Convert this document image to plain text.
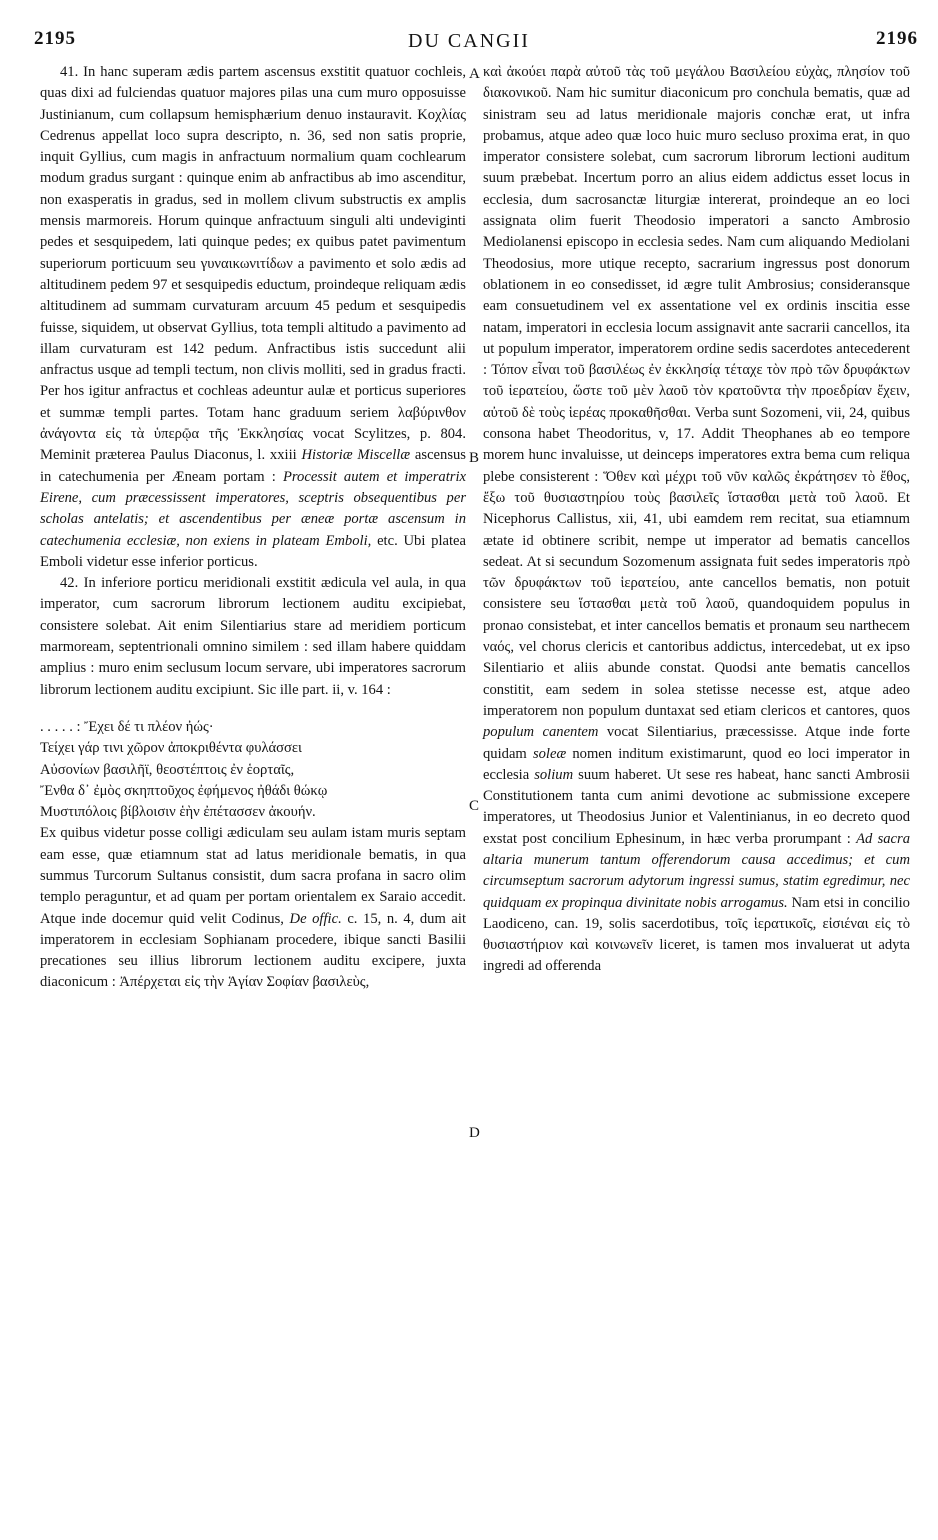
2195	DU CANGII	2196
A
B
C
D

41. In hanc superam ædis partem ascensus exstitit quatuor cochleis, quas dixi ad fulciendas quatuor majores pilas una cum muro opposuisse Justinianum, cum collapsum hemisphærium denuo instauravit. Κοχλίας Cedrenus appellat loco supra descripto, n. 36, sed non satis proprie, inquit Gyllius, cum magis in anfractuum normalium quam cochlearum modum gradus surgant : quinque enim ab anfractibus ab imo ascenditur, non exasperatis in gradus, sed in mollem clivum substructis ex amplis mensis marmoreis. Horum quinque anfractuum singuli alti undeviginti pedes et sesquipedem, lati quinque pedes; ex quibus patet pavimentum superiorum porticuum seu γυναικωνιτίδων a pavimento et solo ædis ad altitudinem pedem 97 et sesquipedis eductum, proindeque reliquam ædis altitudinem ad summam curvaturam arcuum 45 pedum et sesquipedis fuisse, siquidem, ut observat Gyllius, tota templi altitudo a pavimento ad illam curvaturam est 142 pedum. Anfractibus istis succedunt alii anfractus usque ad templi tectum, non clivis molliti, sed in gradus fracti. Per hos igitur anfractus et cochleas adeuntur aulæ et porticus superiores et summæ templi partes. Totam hanc graduum seriem λαβύρινθον ἀνάγοντα εἰς τὰ ὑπερῷα τῆς Ἐκκλησίας vocat Scylitzes, p. 804. Meminit præterea Paulus Diaconus, l. xxiii Historiæ Miscellæ ascensus in catechumenia per Æneam portam : Processit autem et imperatrix Eirene, cum præcessissent imperatores, sceptris obsequentibus per scholas antelatis; et ascendentibus per æneæ portæ ascensum in catechumenia ecclesiæ, non exiens in plateam Emboli, etc. Ubi platea Emboli videtur esse inferior porticus.

42. In inferiore porticu meridionali exstitit ædicula vel aula, in qua imperator, cum sacrorum librorum lectionem auditu excipiebat, consistere solebat. Ait enim Silentiarius stare ad meridiem porticum marmoream, septentrionali omnino similem : sed illam habere quiddam amplius : muro enim seclusum locum servare, ubi imperatores sacrorum librorum lectionem auditu excipiunt. Sic ille part. ii, v. 164 :

. . . . . : Ἔχει δέ τι πλέον ἠώς·
Τείχει γάρ τινι χῶρον ἀποκριθέντα φυλάσσει
Αὐσονίων βασιλῆϊ, θεοστέπτοις ἐν ἑορταῖς,
Ἔνθα δ᾽ ἐμὸς σκηπτοῦχος ἐφήμενος ἠθάδι θώκῳ
Μυστιπόλοις βίβλοισιν ἑὴν ἐπέτασσεν ἀκουήν.

Ex quibus videtur posse colligi ædiculam seu aulam istam muris septam eam esse, quæ etiamnum stat ad latus meridionale bematis, in qua summus Turcorum Sultanus consistit, dum sacra profana in sacro olim templo peraguntur, et ad quam per portam orientalem ex Saraio accedit. Atque inde docemur quid velit Codinus, De offic. c. 15, n. 4, dum ait imperatorem in ecclesiam Sophianam procedere, ibique sancti Basilii precationes seu illius librorum lectionem auditu excipere, juxta diaconicum : Ἀπέρχεται εἰς τὴν Ἁγίαν Σοφίαν βασιλεὺς,

καὶ ἀκούει παρὰ αὐτοῦ τὰς τοῦ μεγάλου Βασιλείου εὐχὰς, πλησίον τοῦ διακονικοῦ. Nam hic sumitur diaconicum pro conchula bematis, quæ ad sinistram seu ad latus meridionale majoris conchæ erat, ut infra probamus, atque adeo quæ loco huic muro secluso proxima erat, in quo imperator consistere solebat, cum sacrorum librorum lectioni auditum suum præbebat. Incertum porro an alius eidem addictus esset locus in ecclesia, dum sacrosanctæ liturgiæ intererat, proindeque an eo loci assignata olim fuerit Theodosio imperatori a sancto Ambrosio Mediolanensi episcopo in ecclesia sedes. Nam cum aliquando Mediolani Theodosius, more utique recepto, sacrarium ingressus post donorum oblationem in eo consedisset, id ægre tulit Ambrosius; consideransque eam consuetudinem vel ex assentatione vel ex ordinis inscitia esse natam, imperatori in ecclesia locum assignavit ante sacrarii cancellos, ita ut populum imperator, imperatorem ordine sedis sacerdotes antecederent : Τόπον εἶναι τοῦ βασιλέως ἐν ἐκκλησίᾳ τέταχε τὸν πρὸ τῶν δρυφάκτων τοῦ ἱερατείου, ὥστε τοῦ μὲν λαοῦ τὸν κρατοῦντα τὴν προεδρίαν ἔχειν, αὐτοῦ δὲ τοὺς ἱερέας προκαθῆσθαι. Verba sunt Sozomeni, vii, 24, quibus consona habet Theodoritus, v, 17. Addit Theophanes ab eo tempore morem hunc invaluisse, ut deinceps imperatores extra bema cum reliqua plebe consisterent : Ὅθεν καὶ μέχρι τοῦ νῦν καλῶς ἐκράτησεν τὸ ἔθος, ἔξω τοῦ θυσιαστηρίου τοὺς βασιλεῖς ἵστασθαι μετὰ τοῦ λαοῦ. Et Nicephorus Callistus, xii, 41, ubi eamdem rem recitat, sua etiamnum ætate id obtinere scribit, nempe ut imperator ad bematis cancellos sedeat. At si secundum Sozomenum assignata fuit sedes imperatoris πρὸ τῶν δρυφάκτων τοῦ ἱερατείου, ante cancellos bematis, non potuit consistere seu ἵστασθαι μετὰ τοῦ λαοῦ, quandoquidem populus in pronao consistebat, et inter cancellos bematis et pronaum seu narthecem ναός, vel chorus clericis et cantoribus addictus, intercedebat, ut ex ipso Silentiario et aliis abunde constat. Quodsi ante bematis cancellos constitit, eam sedem in solea stetisse necesse est, atque adeo imperatorem non populum duntaxat sed etiam clericos et cantores, quos populum canentem vocat Silentiarius, præcessisse. Atque inde forte quidam soleæ nomen inditum existimarunt, quod eo loci imperator in ecclesia solium suum haberet. Ut sese res habeat, hanc sancti Ambrosii Constitutionem tanta cum animi devotione ac submissione excepere imperatores, ut Theodosius Junior et Valentinianus, in eo decreto quod exstat post concilium Ephesinum, in hæc verba prorumpant : Ad sacra altaria munerum tantum offerendorum causa accedimus; et cum circumseptum sacrorum adytorum ingressi sumus, statim egredimur, nec quidquam ex propinqua divinitate nobis arrogamus. Nam etsi in concilio Laodiceno, can. 19, solis sacerdotibus, τοῖς ἱερατικοῖς, εἰσιέναι εἰς τὸ θυσιαστήριον καὶ κοινωνεῖν liceret, is tamen mos invaluerat ut adyta ingredi ad offerenda
